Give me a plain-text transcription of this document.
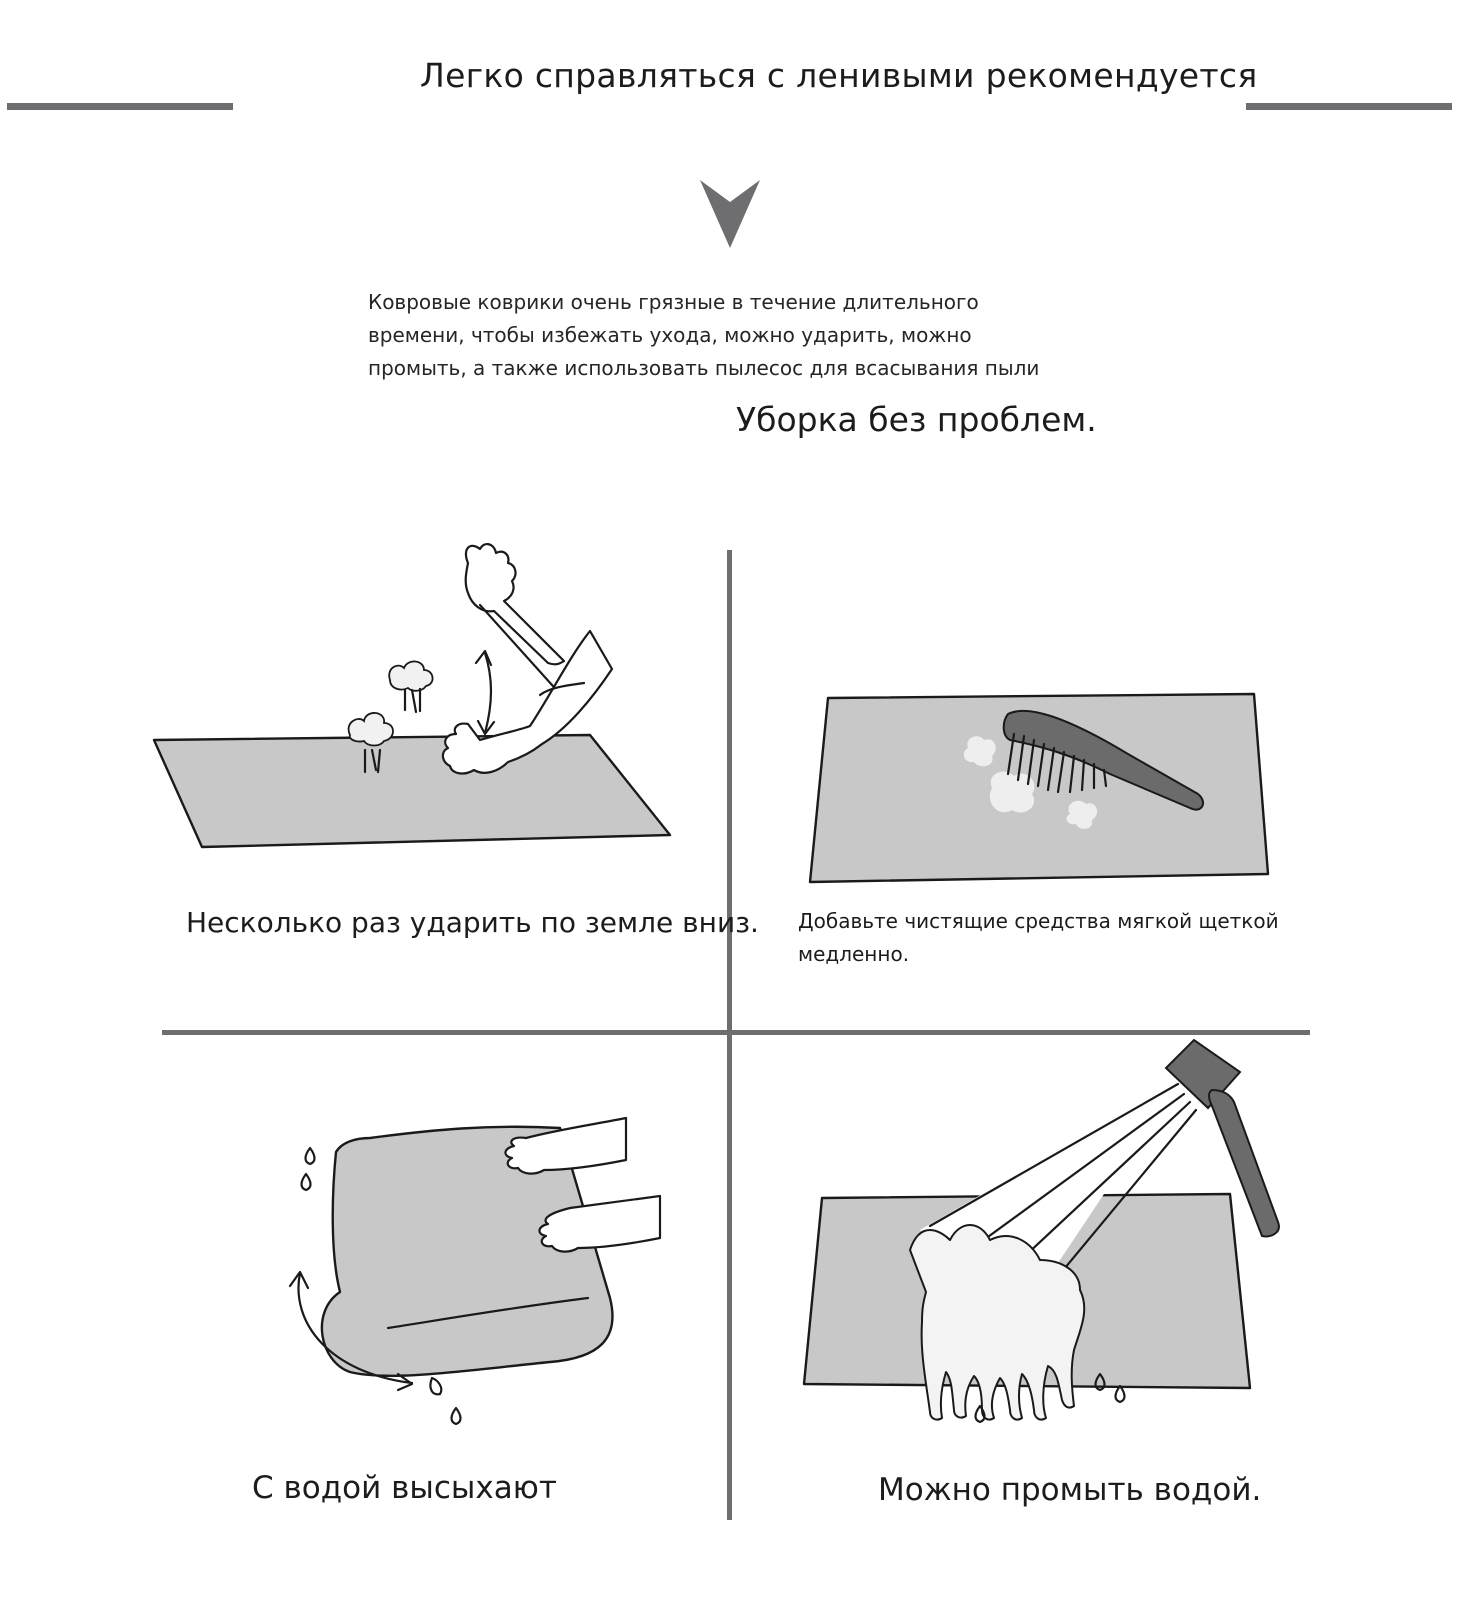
Легко справляться с ленивыми рекомендуется
Ковровые коврики очень грязные в течение длительного
времени, чтобы избежать ухода, можно ударить, можно
промыть, а также использовать пылесос для всасывания пыли
Уборка без проблем.
Несколько раз ударить по земле вниз. Добавьте чистящие средства мягкой щеткой
медленно.
С водой высыхают	Можно промыть водой.
